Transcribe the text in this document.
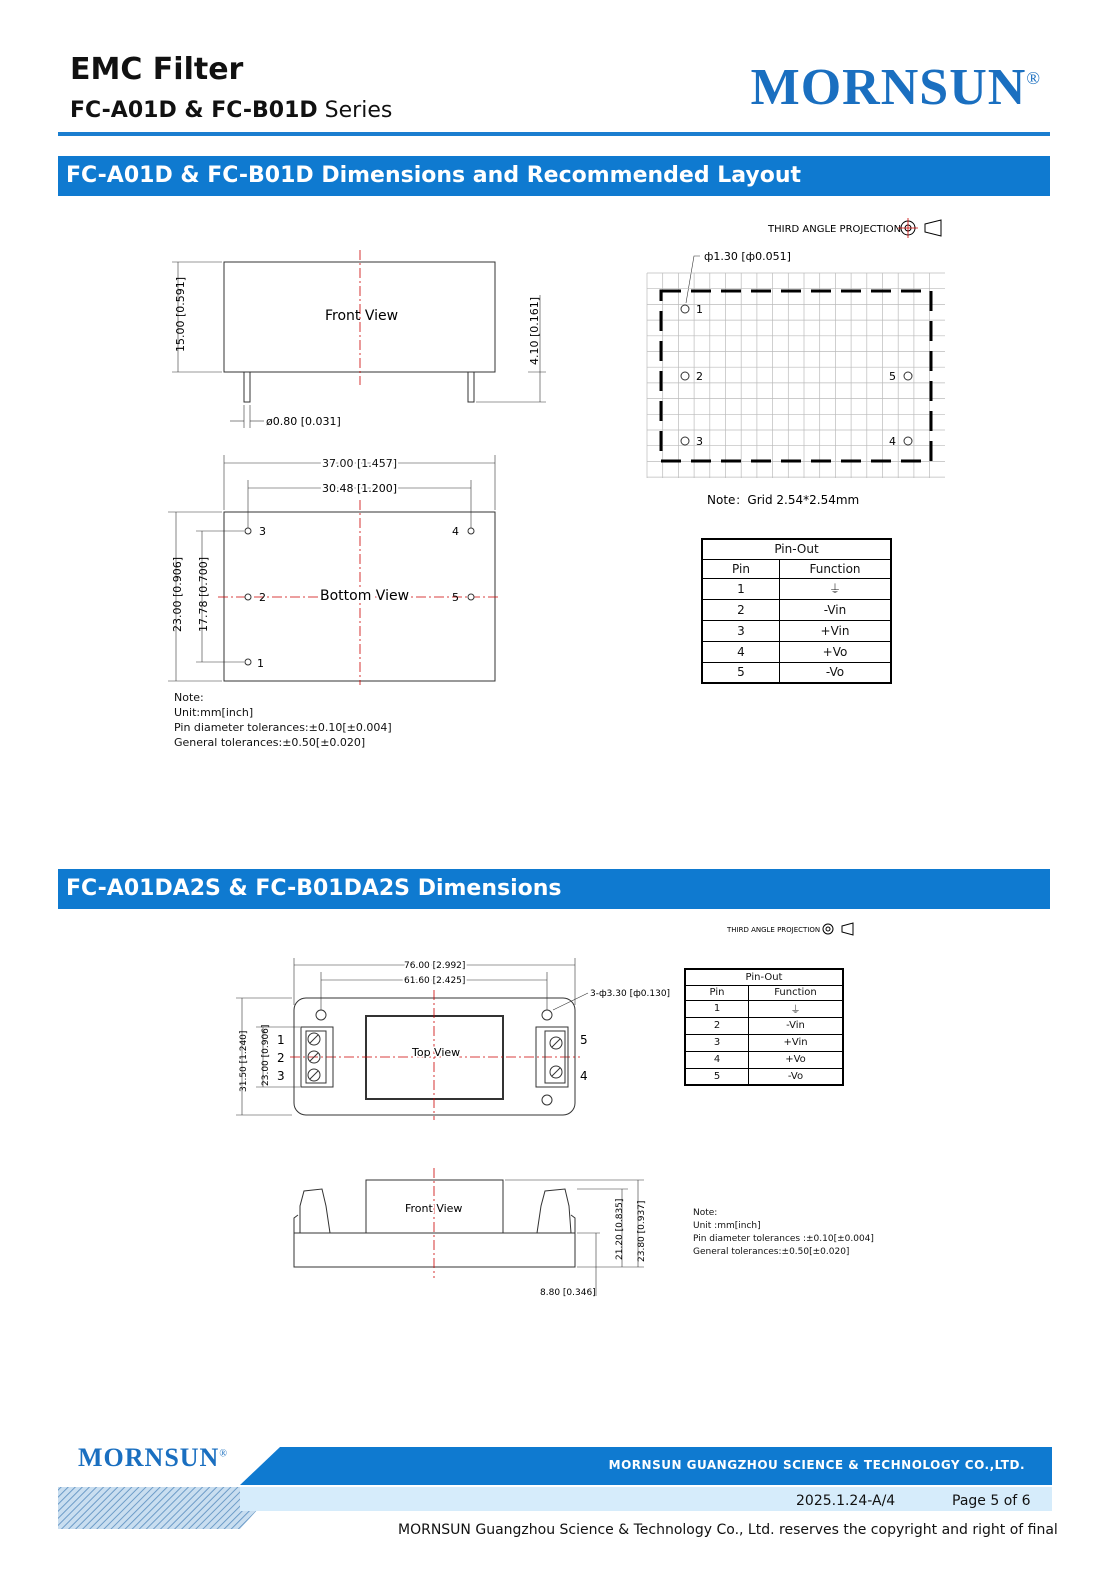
EMC Filter
FC-A01D & FC-B01D Series	MORNSUN®
FC-A01D & FC-B01D Dimensions and Recommended Layout
THIRD ANGLE PROJECTION
Front View
15.00 [0.591]	4.10 [0.161]
ø0.80 [0.031]
37.00 [1.457]
30.48 [1.200]
Bottom View
3
2
1
4
5
23.00 [0.906] 17.78 [0.700]
ф1.30 [ф0.051]
1
2
3
5
4
Note：Grid 2.54*2.54mm
Note:
Unit:mm[inch]
Pin diameter tolerances:±0.10[±0.004]
General tolerances:±0.50[±0.020]
Pin-Out	
Pin	Function
1	⏚
2	-Vin
3	+Vin
4	+Vo
5	-Vo
FC-A01DA2S & FC-B01DA2S Dimensions
THIRD ANGLE PROJECTION
76.00 [2.992]
61.60 [2.425]
3-ф3.30 [ф0.130]
Top View
1
2
3
5
4
31.50 [1.240] 23.00 [0.906]
Front View	21.20 [0.835] 23.80 [0.937]
8.80 [0.346]
Pin-Out	
Pin	Function
1	⏚
2	-Vin
3	+Vin
4	+Vo
5	-Vo
Note:
Unit :mm[inch]
Pin diameter tolerances :±0.10[±0.004]
General tolerances:±0.50[±0.020]
MORNSUN GUANGZHOU SCIENCE & TECHNOLOGY CO.,LTD.
MORNSUN®
2025.1.24-A/4	Page 5 of 6
MORNSUN Guangzhou Science & Technology Co., Ltd. reserves the copyright and right of final
